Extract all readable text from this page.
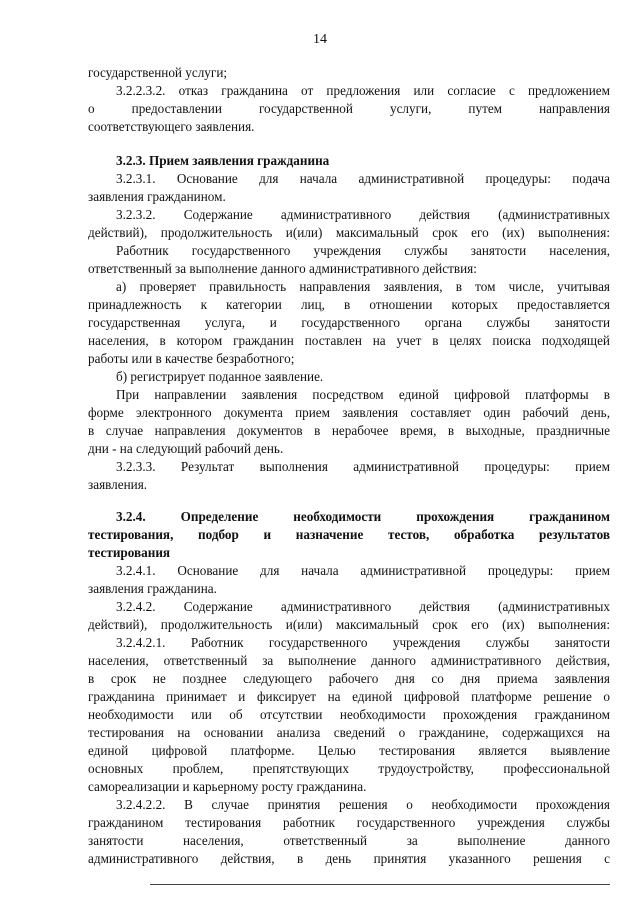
14
государственной услуги;
3.2.2.3.2. отказ гражданина от предложения или согласие с предложением
о предоставлении государственной услуги, путем направления
соответствующего заявления.
3.2.3. Прием заявления гражданина
3.2.3.1. Основание для начала административной процедуры: подача
заявления гражданином.
3.2.3.2. Содержание административного действия (административных
действий), продолжительность и(или) максимальный срок его (их) выполнения:
Работник государственного учреждения службы занятости населения,
ответственный за выполнение данного административного действия:
а) проверяет правильность направления заявления, в том числе, учитывая
принадлежность к категории лиц, в отношении которых предоставляется
государственная услуга, и государственного органа службы занятости
населения, в котором гражданин поставлен на учет в целях поиска подходящей
работы или в качестве безработного;
б) регистрирует поданное заявление.
При направлении заявления посредством единой цифровой платформы в
форме электронного документа прием заявления составляет один рабочий день,
в случае направления документов в нерабочее время, в выходные, праздничные
дни - на следующий рабочий день.
3.2.3.3. Результат выполнения административной процедуры: прием
заявления.
3.2.4. Определение необходимости прохождения гражданином
тестирования, подбор и назначение тестов, обработка результатов
тестирования
3.2.4.1. Основание для начала административной процедуры: прием
заявления гражданина.
3.2.4.2. Содержание административного действия (административных
действий), продолжительность и(или) максимальный срок его (их) выполнения:
3.2.4.2.1. Работник государственного учреждения службы занятости
населения, ответственный за выполнение данного административного действия,
в срок не позднее следующего рабочего дня со дня приема заявления
гражданина принимает и фиксирует на единой цифровой платформе решение о
необходимости или об отсутствии необходимости прохождения гражданином
тестирования на основании анализа сведений о гражданине, содержащихся на
единой цифровой платформе. Целью тестирования является выявление
основных проблем, препятствующих трудоустройству, профессиональной
самореализации и карьерному росту гражданина.
3.2.4.2.2. В случае принятия решения о необходимости прохождения
гражданином тестирования работник государственного учреждения службы
занятости населения, ответственный за выполнение данного
административного действия, в день принятия указанного решения с
